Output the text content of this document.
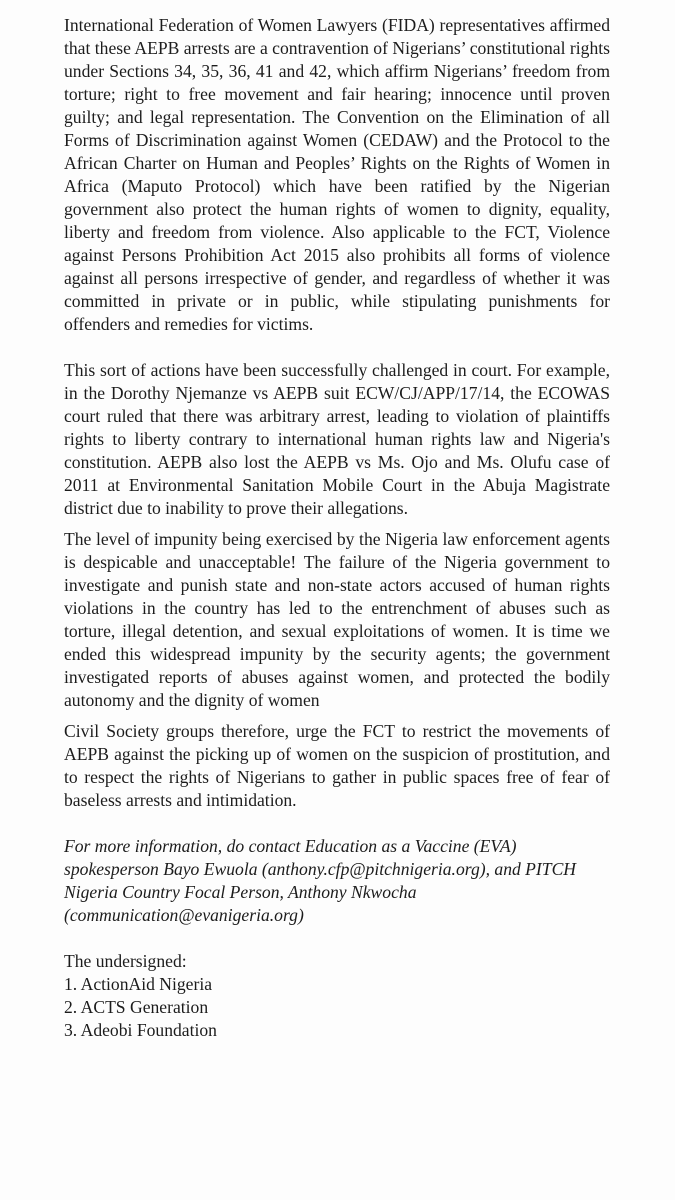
International Federation of Women Lawyers (FIDA) representatives affirmed that these AEPB arrests are a contravention of Nigerians’ constitutional rights under Sections 34, 35, 36, 41 and 42, which affirm Nigerians’ freedom from torture; right to free movement and fair hearing; innocence until proven guilty; and legal representation. The Convention on the Elimination of all Forms of Discrimination against Women (CEDAW) and the Protocol to the African Charter on Human and Peoples’ Rights on the Rights of Women in Africa (Maputo Protocol) which have been ratified by the Nigerian government also protect the human rights of women to dignity, equality, liberty and freedom from violence. Also applicable to the FCT, Violence against Persons Prohibition Act 2015 also prohibits all forms of violence against all persons irrespective of gender, and regardless of whether it was committed in private or in public, while stipulating punishments for offenders and remedies for victims.

This sort of actions have been successfully challenged in court. For example, in the Dorothy Njemanze vs AEPB suit ECW/CJ/APP/17/14, the ECOWAS court ruled that there was arbitrary arrest, leading to violation of plaintiffs rights to liberty contrary to international human rights law and Nigeria's constitution. AEPB also lost the AEPB vs Ms. Ojo and Ms. Olufu case of 2011 at Environmental Sanitation Mobile Court in the Abuja Magistrate district due to inability to prove their allegations.

The level of impunity being exercised by the Nigeria law enforcement agents is despicable and unacceptable! The failure of the Nigeria government to investigate and punish state and non-state actors accused of human rights violations in the country has led to the entrenchment of abuses such as torture, illegal detention, and sexual exploitations of women. It is time we ended this widespread impunity by the security agents; the government investigated reports of abuses against women, and protected the bodily autonomy and the dignity of women

Civil Society groups therefore, urge the FCT to restrict the movements of AEPB against the picking up of women on the suspicion of prostitution, and to respect the rights of Nigerians to gather in public spaces free of fear of baseless arrests and intimidation.

For more information, do contact Education as a Vaccine (EVA) spokesperson Bayo Ewuola (anthony.cfp@pitchnigeria.org), and PITCH Nigeria Country Focal Person, Anthony Nkwocha (communication@evanigeria.org)

The undersigned:
1. ActionAid Nigeria
2. ACTS Generation
3. Adeobi Foundation
